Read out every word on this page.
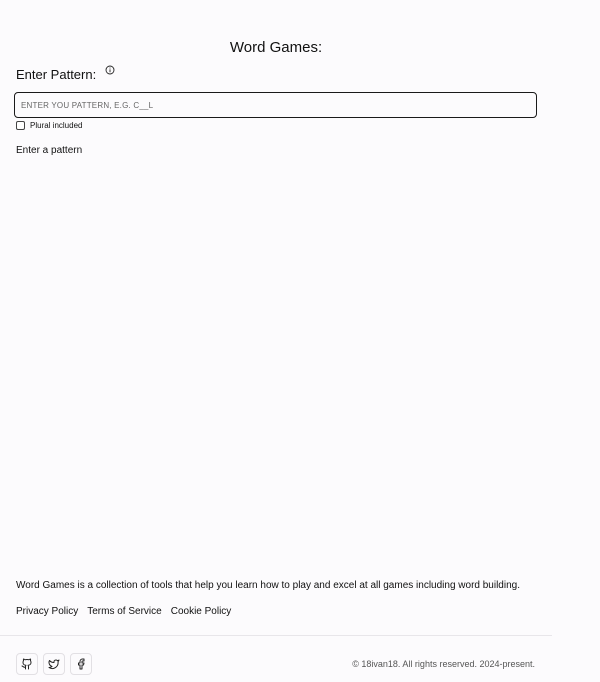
Word Games:
Enter Pattern:
ENTER YOU PATTERN, E.G. C__L
Plural included
Enter a pattern
Word Games is a collection of tools that help you learn how to play and excel at all games including word building.
Privacy Policy Terms of Service Cookie Policy
© 18ivan18. All rights reserved. 2024-present.
